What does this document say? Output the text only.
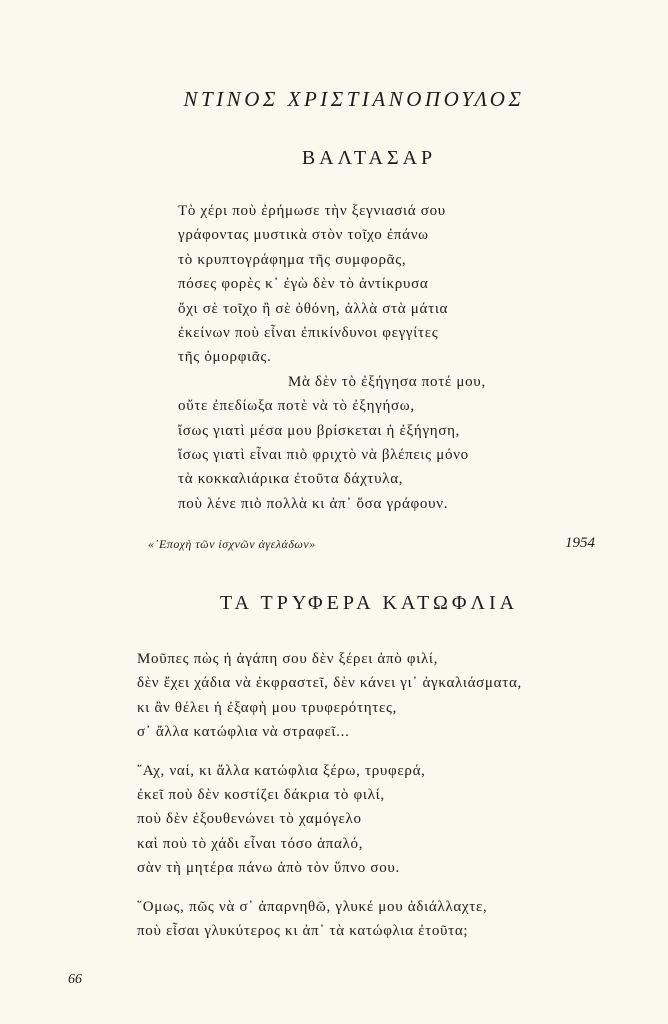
ΝΤΙΝΟΣ ΧΡΙΣΤΙΑΝΟΠΟΥΛΟΣ
ΒΑΛΤΑΣΑΡ
Τὸ χέρι ποὺ ἐρήμωσε τὴν ξεγνιασιά σου
γράφοντας μυστικὰ στὸν τοῖχο ἐπάνω
τὸ κρυπτογράφημα τῆς συμφορᾶς,
πόσες φορὲς κ᾿ ἐγὼ δὲν τὸ ἀντίκρυσα
ὄχι σὲ τοῖχο ἢ σὲ ὀθόνη, ἀλλὰ στὰ μάτια
ἐκείνων ποὺ εἶναι ἐπικίνδυνοι φεγγίτες
τῆς ὀμορφιᾶς.
Μὰ δὲν τὸ ἐξήγησα ποτέ μου,
οὔτε ἐπεδίωξα ποτὲ νὰ τὸ ἐξηγήσω,
ἴσως γιατὶ μέσα μου βρίσκεται ἡ ἐξήγηση,
ἴσως γιατὶ εἶναι πιὸ φριχτὸ νὰ βλέπεις μόνο
τὰ κοκκαλιάρικα ἐτοῦτα δάχτυλα,
ποὺ λένε πιὸ πολλὰ κι ἀπ᾿ ὅσα γράφουν.
«᾿Εποχὴ τῶν ἰσχνῶν ἀγελάδων»	1954
ΤΑ ΤΡΥΦΕΡΑ ΚΑΤΩΦΛΙΑ
Μοῦπες πὼς ἡ ἀγάπη σου δὲν ξέρει ἀπὸ φιλί,
δὲν ἔχει χάδια νὰ ἐκφραστεῖ, δὲν κάνει γι᾿ ἀγκαλιάσματα,
κι ἂν θέλει ἡ ἐξαφὴ μου τρυφερότητες,
σ᾿ ἄλλα κατώφλια νὰ στραφεῖ...
῎Αχ, ναί, κι ἄλλα κατώφλια ξέρω, τρυφερά,
ἐκεῖ ποὺ δὲν κοστίζει δάκρια τὸ φιλί,
ποὺ δὲν ἐξουθενώνει τὸ χαμόγελο
καὶ ποὺ τὸ χάδι εἶναι τόσο ἁπαλό,
σὰν τὴ μητέρα πάνω ἀπὸ τὸν ὕπνο σου.
῞Ομως, πῶς νὰ σ᾿ ἀπαρνηθῶ, γλυκέ μου ἀδιάλλαχτε,
ποὺ εἶσαι γλυκύτερος κι ἀπ᾿ τὰ κατώφλια ἐτοῦτα;
66
